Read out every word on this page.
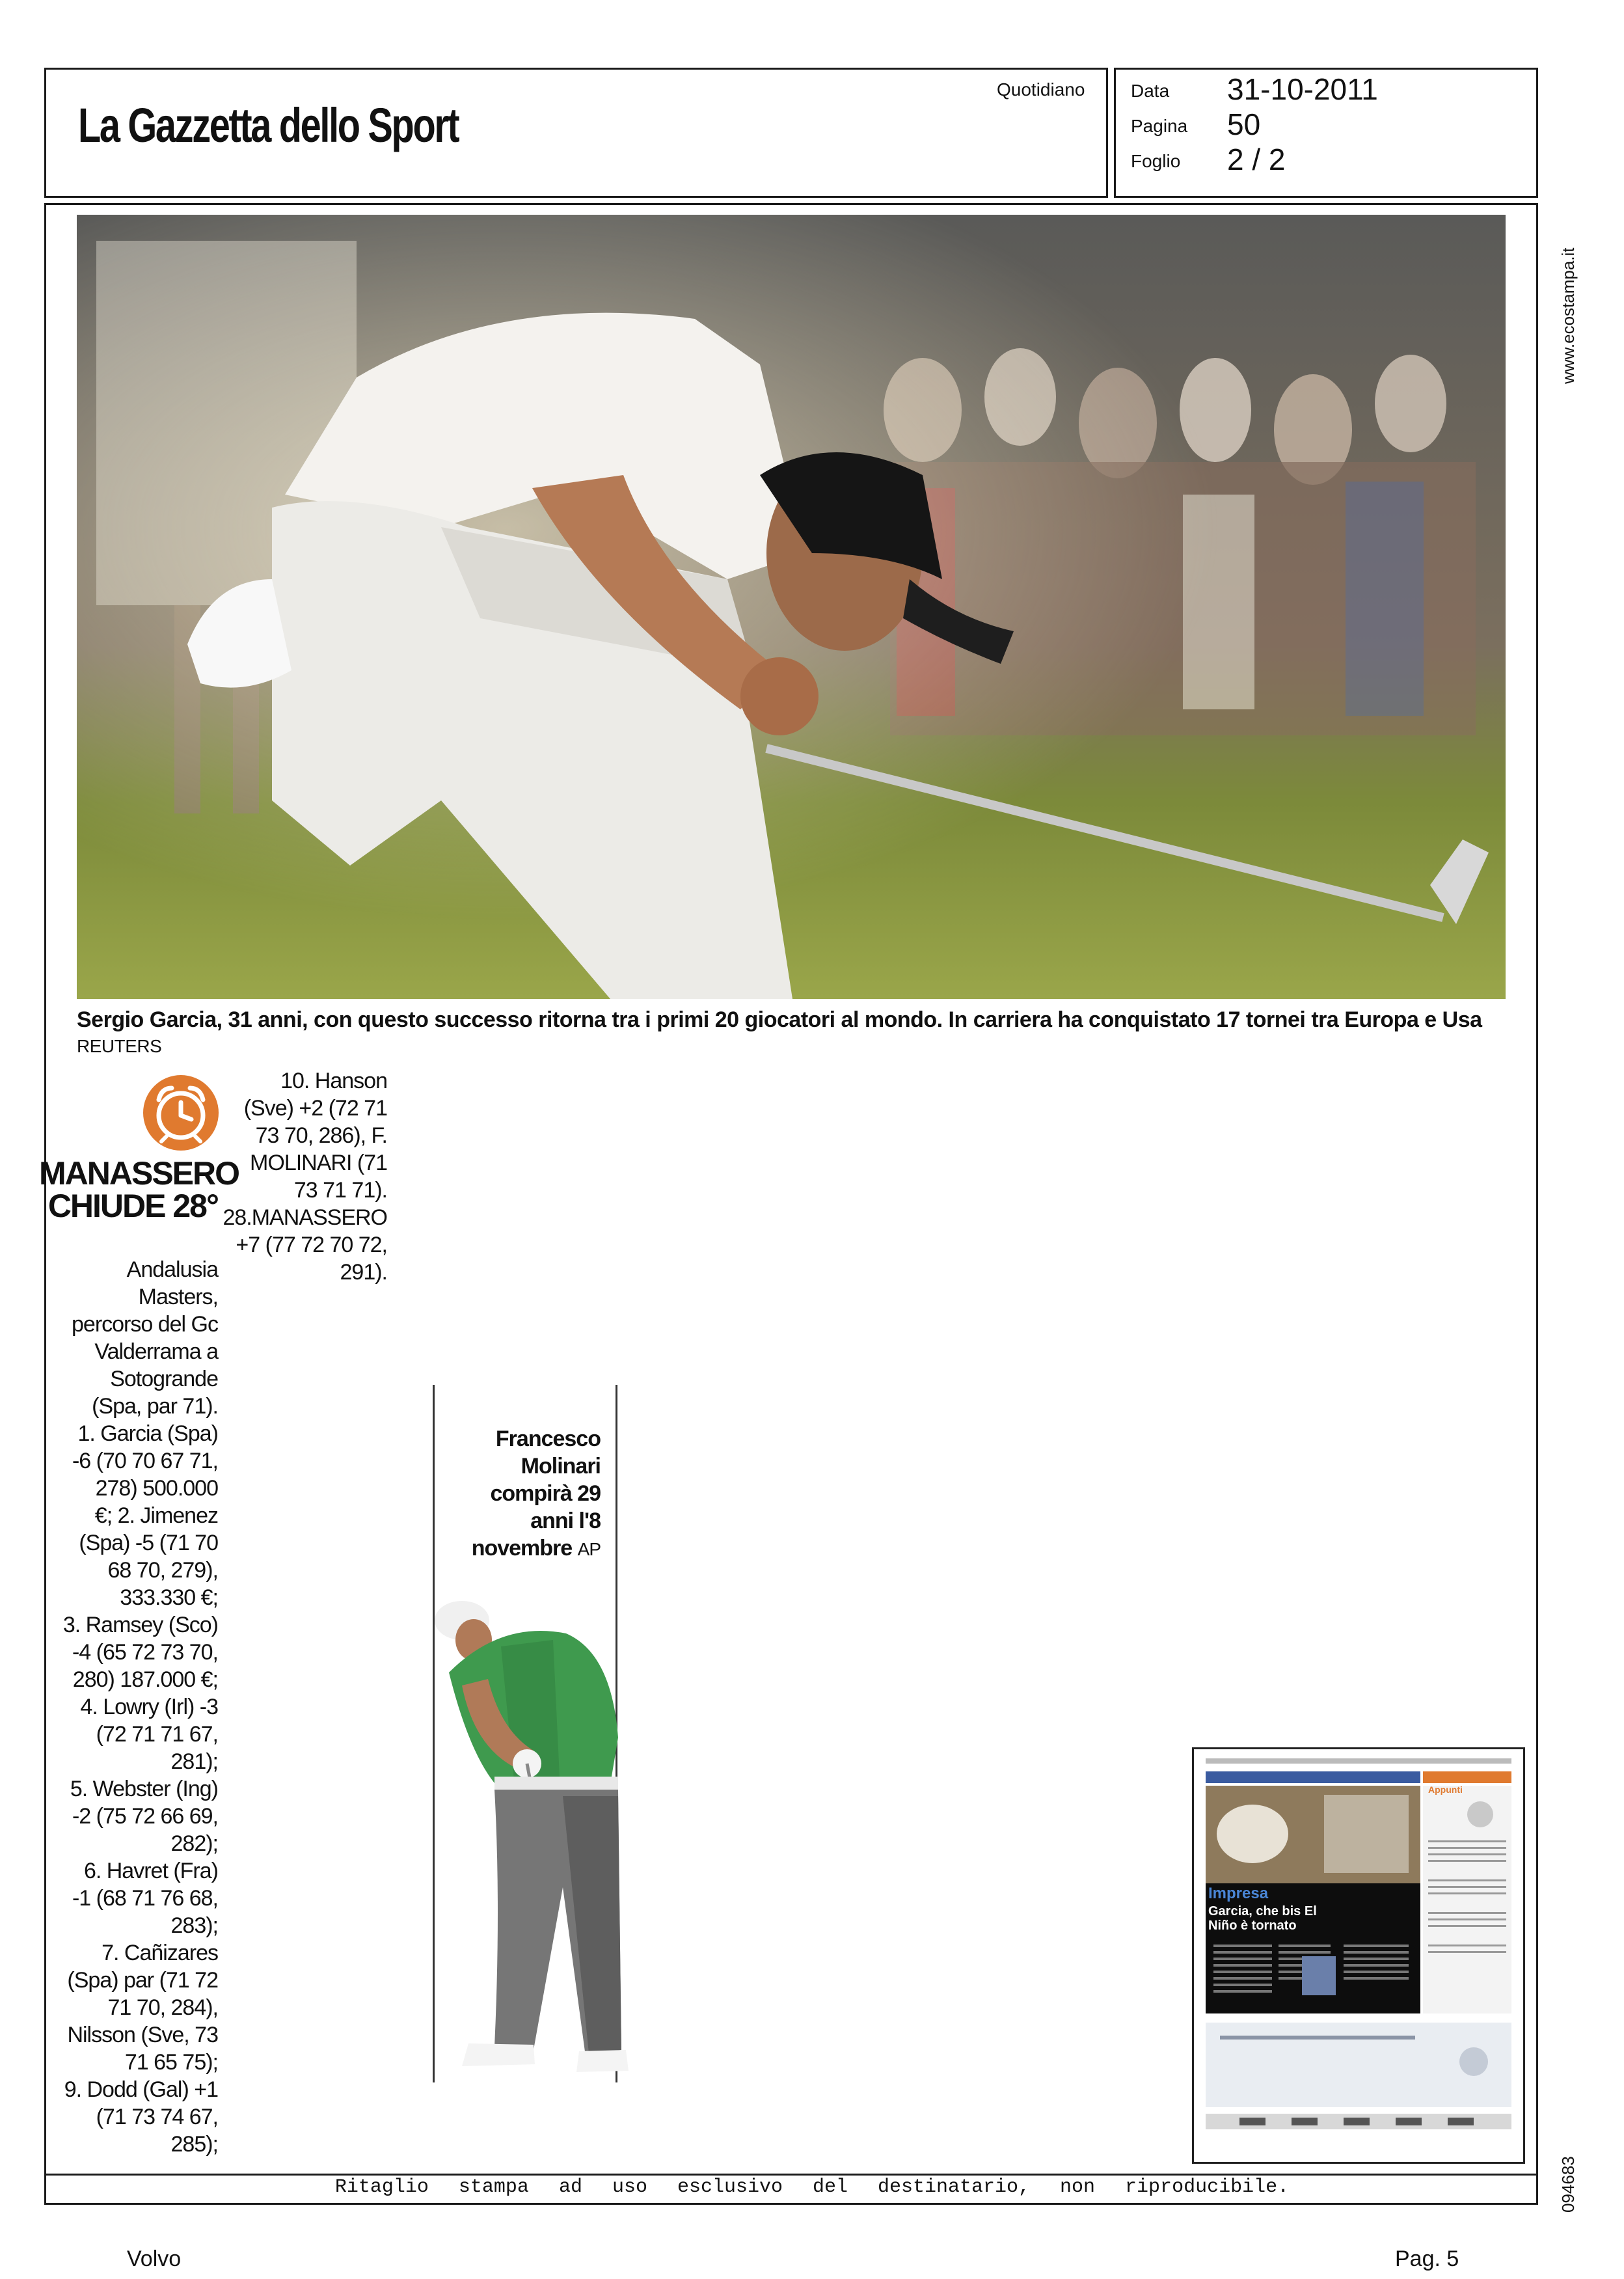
La Gazzetta dello Sport
Quotidiano	Data 31-10-2011
Pagina 50
Foglio 2 / 2
www.ecostampa.it
094683
Sergio Garcia, 31 anni, con questo successo ritorna tra i primi 20 giocatori al mondo. In carriera ha conquistato 17 tornei tra Europa e Usa REUTERS
MANASSERO
CHIUDE 28°
Andalusia
Masters,
percorso del Gc
Valderrama a
Sotogrande
(Spa, par 71).
1. Garcia (Spa)
-6 (70 70 67 71,
278) 500.000
€; 2. Jimenez
(Spa) -5 (71 70
68 70, 279),
333.330 €;
3. Ramsey (Sco)
-4 (65 72 73 70,
280) 187.000 €;
4. Lowry (Irl) -3
(72 71 71 67,
281);
5. Webster (Ing)
-2 (75 72 66 69,
282);
6. Havret (Fra)
-1 (68 71 76 68,
283);
7. Cañizares
(Spa) par (71 72
71 70, 284),
Nilsson (Sve, 73
71 65 75);
9. Dodd (Gal) +1
(71 73 74 67,
285);
10. Hanson
(Sve) +2 (72 71
73 70, 286), F.
MOLINARI (71
73 71 71).
28.MANASSERO
+7 (77 72 70 72,
291).
Francesco Molinari compirà 29 anni l'8 novembre AP
Impresa
Garcia, che bis El Niño è tornato
Appunti
Ritaglio stampa ad uso esclusivo del destinatario, non riproducibile.
Volvo	Pag. 5
